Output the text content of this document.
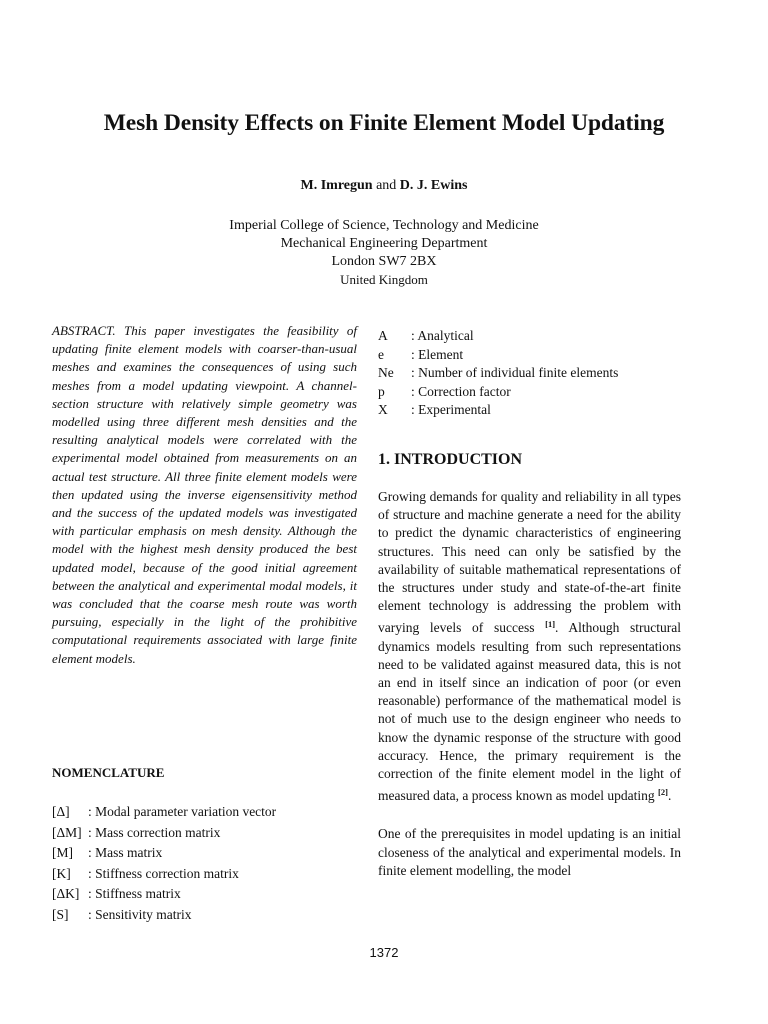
Mesh Density Effects on Finite Element Model Updating
M. Imregun and D. J. Ewins
Imperial College of Science, Technology and Medicine
Mechanical Engineering Department
London SW7 2BX
United Kingdom
ABSTRACT. This paper investigates the feasibility of updating finite element models with coarser-than-usual meshes and examines the consequences of using such meshes from a model updating viewpoint. A channel-section structure with relatively simple geometry was modelled using three different mesh densities and the resulting analytical models were correlated with the experimental model obtained from measurements on an actual test structure. All three finite element models were then updated using the inverse eigensensitivity method and the success of the updated models was investigated with particular emphasis on mesh density. Although the model with the highest mesh density produced the best updated model, because of the good initial agreement between the analytical and experimental modal models, it was concluded that the coarse mesh route was worth pursuing, especially in the light of the prohibitive computational requirements associated with large finite element models.
NOMENCLATURE
[Δ]	: Modal parameter variation vector
[ΔM] : Mass correction matrix
[M]	: Mass matrix
[K]	: Stiffness correction matrix
[ΔK] : Stiffness matrix
[S]	: Sensitivity matrix
A	: Analytical
e	: Element
Ne	: Number of individual finite elements
p	: Correction factor
X	: Experimental
1. INTRODUCTION

Growing demands for quality and reliability in all types of structure and machine generate a need for the ability to predict the dynamic characteristics of engineering structures. This need can only be satisfied by the availability of suitable mathematical representations of the structures under study and state-of-the-art finite element technology is addressing the problem with varying levels of success [1]. Although structural dynamics models resulting from such representations need to be validated against measured data, this is not an end in itself since an indication of poor (or even reasonable) performance of the mathematical model is not of much use to the design engineer who needs to know the dynamic response of the structure with good accuracy. Hence, the primary requirement is the correction of the finite element model in the light of measured data, a process known as model updating [2].

One of the prerequisites in model updating is an initial closeness of the analytical and experimental models. In finite element modelling, the model

1372
